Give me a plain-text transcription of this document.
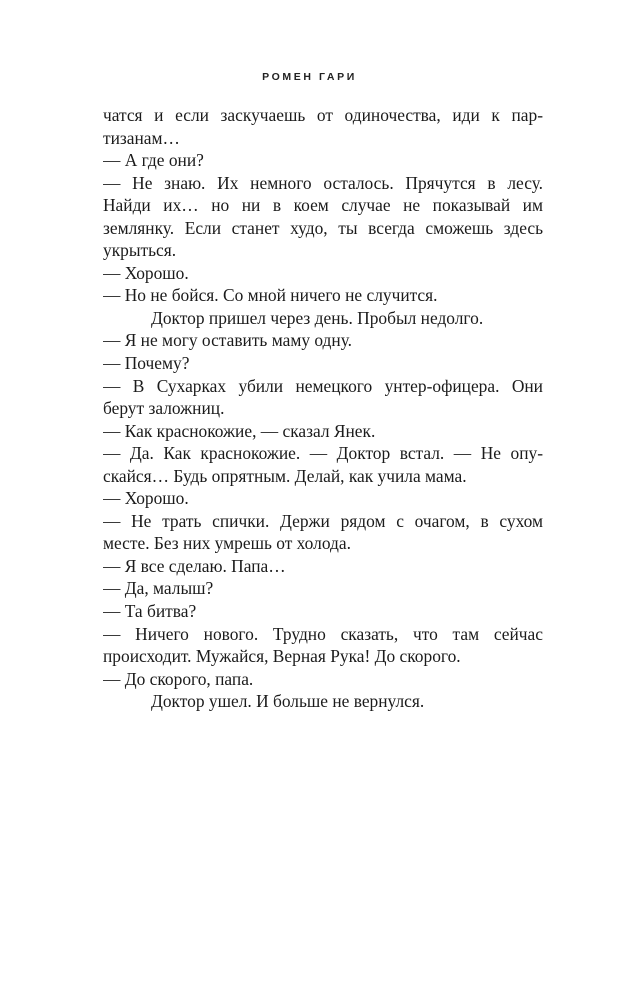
РОМЕН ГАРИ
чатся и если заскучаешь от одиночества, иди к пар-
тизанам…
— А где они?
— Не знаю. Их немного осталось. Прячутся в лесу.
Найди их… но ни в коем случае не показывай им
землянку. Если станет худо, ты всегда сможешь здесь
укрыться.
— Хорошо.
— Но не бойся. Со мной ничего не случится.
Доктор пришел через день. Пробыл недолго.
— Я не могу оставить маму одну.
— Почему?
— В Сухарках убили немецкого унтер-офицера. Они
берут заложниц.
— Как краснокожие, — сказал Янек.
— Да. Как краснокожие. — Доктор встал. — Не опу-
скайся… Будь опрятным. Делай, как учила мама.
— Хорошо.
— Не трать спички. Держи рядом с очагом, в сухом
месте. Без них умрешь от холода.
— Я все сделаю. Папа…
— Да, малыш?
— Та битва?
— Ничего нового. Трудно сказать, что там сейчас
происходит. Мужайся, Верная Рука! До скорого.
— До скорого, папа.
Доктор ушел. И больше не вернулся.
